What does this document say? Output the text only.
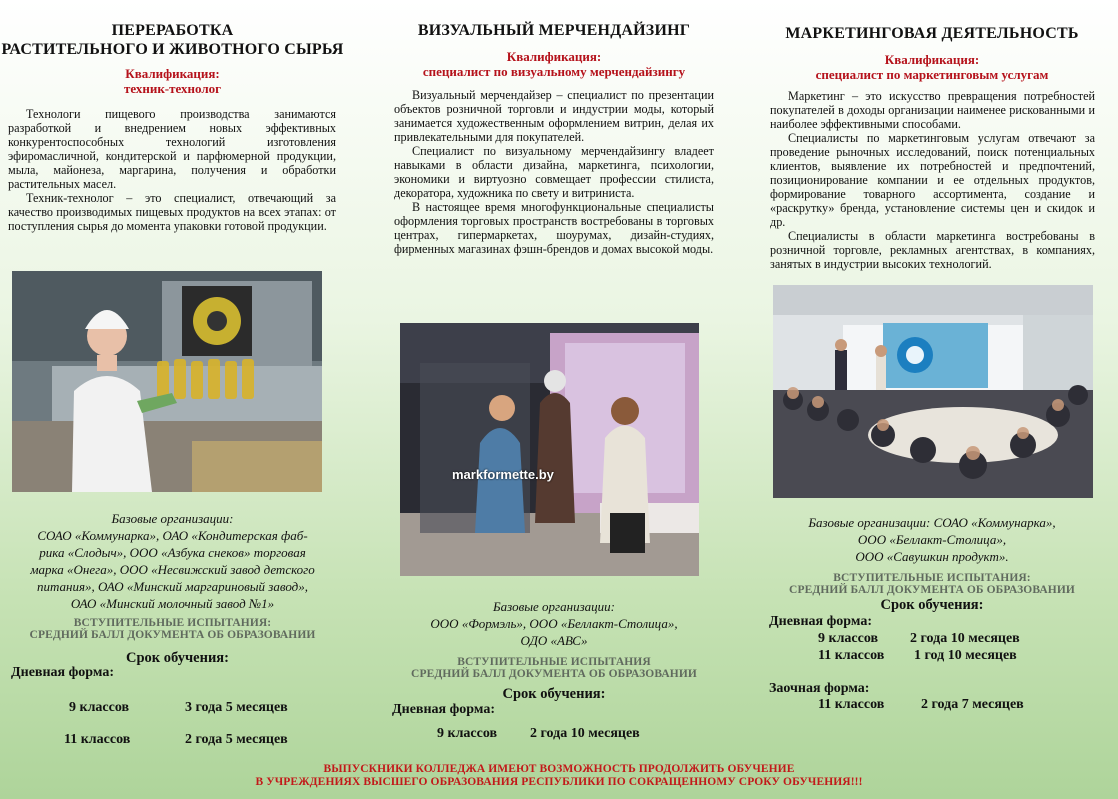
ПЕРЕРАБОТКА
РАСТИТЕЛЬНОГО И ЖИВОТНОГО СЫРЬЯ
Квалификация:
техник-технолог

Технологи пищевого производства занимаются разработкой и внедрением новых эффективных конкурентоспособных технологий изготовления эфиромасличной, кондитерской и парфюмерной продукции, мыла, майонеза, маргарина, получения и обработки растительных масел.

Техник-технолог – это специалист, отвечающий за качество производимых пищевых продуктов на всех этапах: от поступления сырья до момента упаковки готовой продукции.

Базовые организации:
СОАО «Коммунарка», ОАО «Кондитерская фаб-
рика «Слодыч», ООО «Азбука снеков» торговая
марка «Онега», ООО «Несвижский завод детского
питания», ОАО «Минский маргариновый завод»,
ОАО «Минский молочный завод №1»
ВСТУПИТЕЛЬНЫЕ ИСПЫТАНИЯ:
СРЕДНИЙ БАЛЛ ДОКУМЕНТА ОБ ОБРАЗОВАНИИ
Срок обучения:
Дневная форма:
9 классов	3 года 5 месяцев
11 классов	2 года 5 месяцев
ВИЗУАЛЬНЫЙ МЕРЧЕНДАЙЗИНГ
Квалификация:
специалист по визуальному мерчендайзингу

Визуальный мерчендайзер – специалист по презентации объектов розничной торговли и индустрии моды, который занимается художественным оформлением витрин, делая их привлекательными для покупателей.

Специалист по визуальному мерчендайзингу владеет навыками в области дизайна, маркетинга, психологии, экономики и виртуозно совмещает профессии стилиста, декоратора, художника по свету и витриниста.

В настоящее время многофункциональные специалисты оформления торговых пространств востребованы в торговых центрах, гипермаркетах, шоурумах, дизайн-студиях, фирменных магазинах фэшн-брендов и домах высокой моды.

markformette.by
Базовые организации:
ООО «Формэль», ООО «Беллакт-Столица»,
ОДО «АВС»
ВСТУПИТЕЛЬНЫЕ ИСПЫТАНИЯ
СРЕДНИЙ БАЛЛ ДОКУМЕНТА ОБ ОБРАЗОВАНИИ
Срок обучения:
Дневная форма:
9 классов 2 года 10 месяцев
МАРКЕТИНГОВАЯ ДЕЯТЕЛЬНОСТЬ
Квалификация:
специалист по маркетинговым услугам

Маркетинг – это искусство превращения потребностей покупателей в доходы организации наименее рискованными и наиболее эффективными способами.

Специалисты по маркетинговым услугам отвечают за проведение рыночных исследований, поиск потенциальных клиентов, выявление их потребностей и предпочтений, позиционирование компании и ее отдельных продуктов, формирование товарного ассортимента, создание и «раскрутку» бренда, установление системы цен и скидок и др.

Специалисты в области маркетинга востребованы в розничной торговле, рекламных агентствах, в компаниях, занятых в индустрии высоких технологий.

Базовые организации: СОАО «Коммунарка»,
ООО «Беллакт-Столица»,
ООО «Савушкин продукт».
ВСТУПИТЕЛЬНЫЕ ИСПЫТАНИЯ:
СРЕДНИЙ БАЛЛ ДОКУМЕНТА ОБ ОБРАЗОВАНИИ
Срок обучения:
Дневная форма:
9 классов 2 года 10 месяцев
11 классов 1 год 10 месяцев
Заочная форма:
11 классов	2 года 7 месяцев
ВЫПУСКНИКИ КОЛЛЕДЖА ИМЕЮТ ВОЗМОЖНОСТЬ ПРОДОЛЖИТЬ ОБУЧЕНИЕ
В УЧРЕЖДЕНИЯХ ВЫСШЕГО ОБРАЗОВАНИЯ РЕСПУБЛИКИ ПО СОКРАЩЕННОМУ СРОКУ ОБУЧЕНИЯ!!!
